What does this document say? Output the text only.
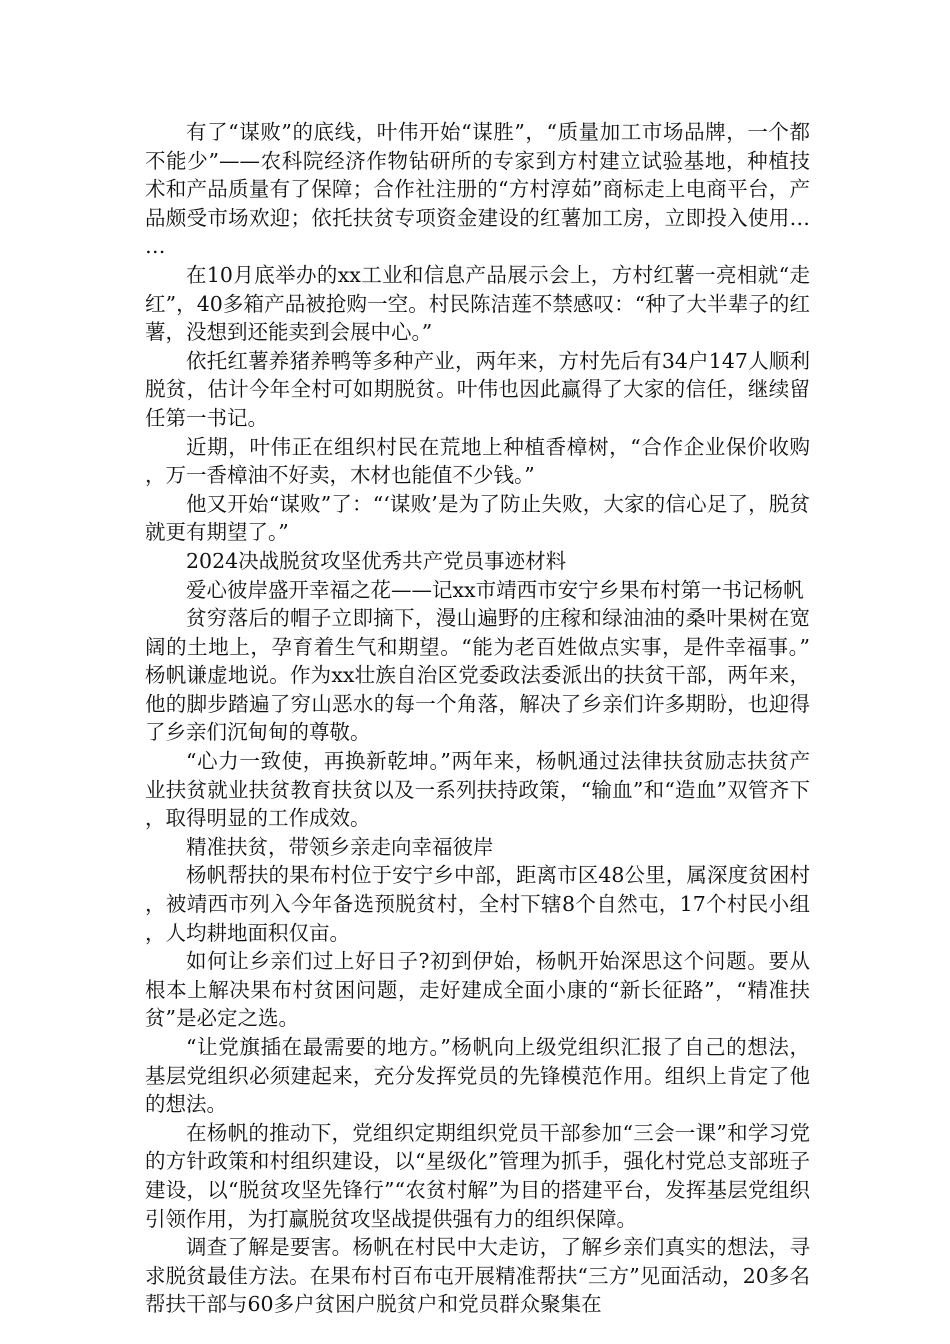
有了“谋败”的底线，叶伟开始“谋胜”，“质量加工市场品牌，一个都不能少”——农科院经济作物钻研所的专家到方村建立试验基地，种植技术和产品质量有了保障；合作社注册的“方村淳茹”商标走上电商平台，产品颇受市场欢迎；依托扶贫专项资金建设的红薯加工房，立即投入使用……

在10月底举办的xx工业和信息产品展示会上，方村红薯一亮相就“走红”，40多箱产品被抢购一空。村民陈洁莲不禁感叹：“种了大半辈子的红薯，没想到还能卖到会展中心。”

依托红薯养猪养鸭等多种产业，两年来，方村先后有34户147人顺利脱贫，估计今年全村可如期脱贫。叶伟也因此赢得了大家的信任，继续留任第一书记。

近期，叶伟正在组织村民在荒地上种植香樟树，“合作企业保价收购，万一香樟油不好卖，木材也能值不少钱。”

他又开始“谋败”了：“‘谋败’是为了防止失败，大家的信心足了，脱贫就更有期望了。”

2024决战脱贫攻坚优秀共产党员事迹材料

爱心彼岸盛开幸福之花——记xx市靖西市安宁乡果布村第一书记杨帆

贫穷落后的帽子立即摘下，漫山遍野的庄稼和绿油油的桑叶果树在宽阔的土地上，孕育着生气和期望。“能为老百姓做点实事，是件幸福事。”杨帆谦虚地说。作为xx壮族自治区党委政法委派出的扶贫干部，两年来，他的脚步踏遍了穷山恶水的每一个角落，解决了乡亲们许多期盼，也迎得了乡亲们沉甸甸的尊敬。

“心力一致使，再换新乾坤。”两年来，杨帆通过法律扶贫励志扶贫产业扶贫就业扶贫教育扶贫以及一系列扶持政策，“输血”和“造血”双管齐下，取得明显的工作成效。

精准扶贫，带领乡亲走向幸福彼岸

杨帆帮扶的果布村位于安宁乡中部，距离市区48公里，属深度贫困村，被靖西市列入今年备选预脱贫村，全村下辖8个自然屯，17个村民小组，人均耕地面积仅亩。

如何让乡亲们过上好日子?初到伊始，杨帆开始深思这个问题。要从根本上解决果布村贫困问题，走好建成全面小康的“新长征路”，“精准扶贫”是必定之选。

“让党旗插在最需要的地方。”杨帆向上级党组织汇报了自己的想法，基层党组织必须建起来，充分发挥党员的先锋模范作用。组织上肯定了他的想法。

在杨帆的推动下，党组织定期组织党员干部参加“三会一课”和学习党的方针政策和村组织建设，以“星级化”管理为抓手，强化村党总支部班子建设，以“脱贫攻坚先锋行”“农贫村解”为目的搭建平台，发挥基层党组织引领作用，为打赢脱贫攻坚战提供强有力的组织保障。

调查了解是要害。杨帆在村民中大走访，了解乡亲们真实的想法，寻求脱贫最佳方法。在果布村百布屯开展精准帮扶“三方”见面活动，20多名帮扶干部与60多户贫困户脱贫户和党员群众聚集在
